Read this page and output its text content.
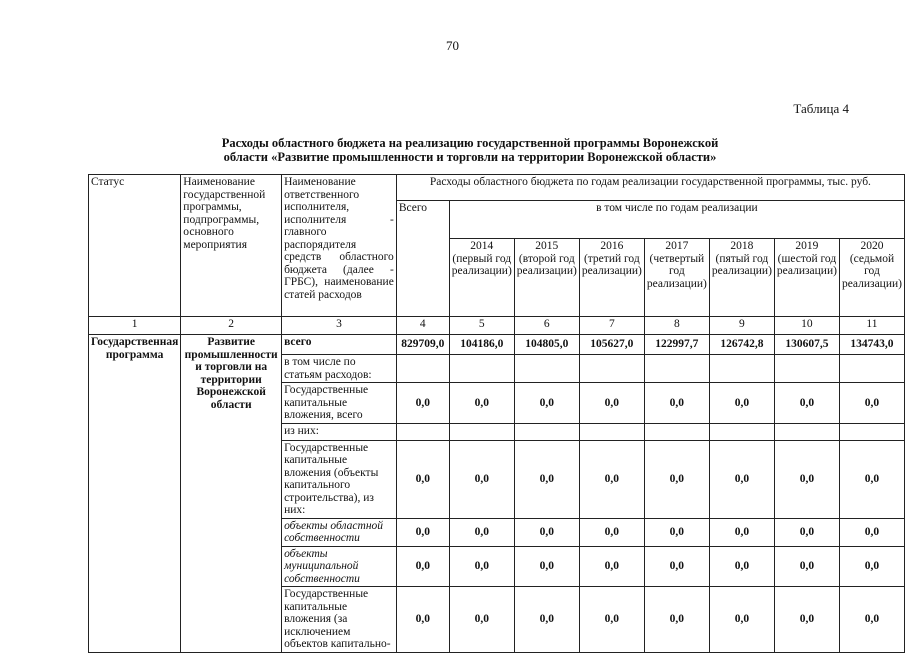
70
Таблица 4
Расходы областного бюджета на реализацию государственной программы Воронежской
области «Развитие промышленности и торговли на территории Воронежской области»
Статус	Наименование государственной программы, подпрограммы, основного мероприятия	Наименование ответственного исполнителя, исполнителя - главного распорядителя средств областного бюджета (далее - ГРБС), наименование статей расходов	Расходы областного бюджета по годам реализации государственной программы, тыс. руб.							
			Всего	в том числе по годам реализации						
				2014 (первый год реализации)	2015 (второй год реализации)	2016 (третий год реализации)	2017 (четвертый год реализации)	2018 (пятый год реализации)	2019 (шестой год реализации)	2020 (седьмой год реализации)
1	2	3	4	5	6	7	8	9	10	11
Государственная программа	Развитие промышленности и торговли на территории Воронежской области	всего	829709,0	104186,0	104805,0	105627,0	122997,7	126742,8	130607,5	134743,0
		в том числе по статьям расходов:								
		Государственные капитальные вложения, всего	0,0	0,0	0,0	0,0	0,0	0,0	0,0	0,0
		из них:								
		Государственные капитальные вложения (объекты капитального строительства), из них:	0,0	0,0	0,0	0,0	0,0	0,0	0,0	0,0
		объекты областной собственности	0,0	0,0	0,0	0,0	0,0	0,0	0,0	0,0
		объекты муниципальной собственности	0,0	0,0	0,0	0,0	0,0	0,0	0,0	0,0
		Государственные капитальные вложения (за исключением объектов капитально-	0,0	0,0	0,0	0,0	0,0	0,0	0,0	0,0
